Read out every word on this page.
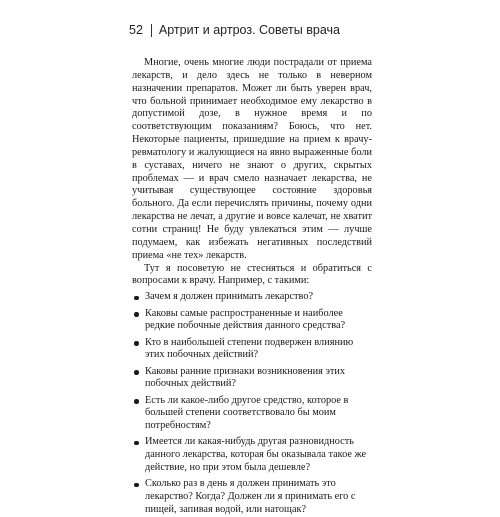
52 Артрит и артроз. Советы врача

Многие, очень многие люди пострадали от приема лекарств, и дело здесь не только в неверном назначении препаратов. Может ли быть уверен врач, что больной принимает необходимое ему лекарство в допустимой дозе, в нужное время и по соответствующим показаниям? Боюсь, что нет. Некоторые пациенты, пришедшие на прием к врачу-ревматологу и жалующиеся на явно выраженные боли в суставах, ничего не знают о других, скрытых проблемах — и врач смело назначает лекарства, не учитывая существующее состояние здоровья больного. Да если перечислять причины, почему одни лекарства не лечат, а другие и вовсе калечат, не хватит сотни страниц! Не буду увлекаться этим — лучше подумаем, как избежать негативных последствий приема «не тех» лекарств.

Тут я посоветую не стесняться и обратиться с вопросами к врачу. Например, с такими:

Зачем я должен принимать лекарство?
Каковы самые распространенные и наиболее редкие побочные действия данного средства?
Кто в наибольшей степени подвержен влиянию этих побочных действий?
Каковы ранние признаки возникновения этих побочных действий?
Есть ли какое-либо другое средство, которое в большей степени соответствовало бы моим потребностям?
Имеется ли какая-нибудь другая разновидность данного лекарства, которая бы оказывала такое же действие, но при этом была дешевле?
Сколько раз в день я должен принимать это лекарство? Когда? Должен ли я принимать его с пищей, запивая водой, или натощак?
